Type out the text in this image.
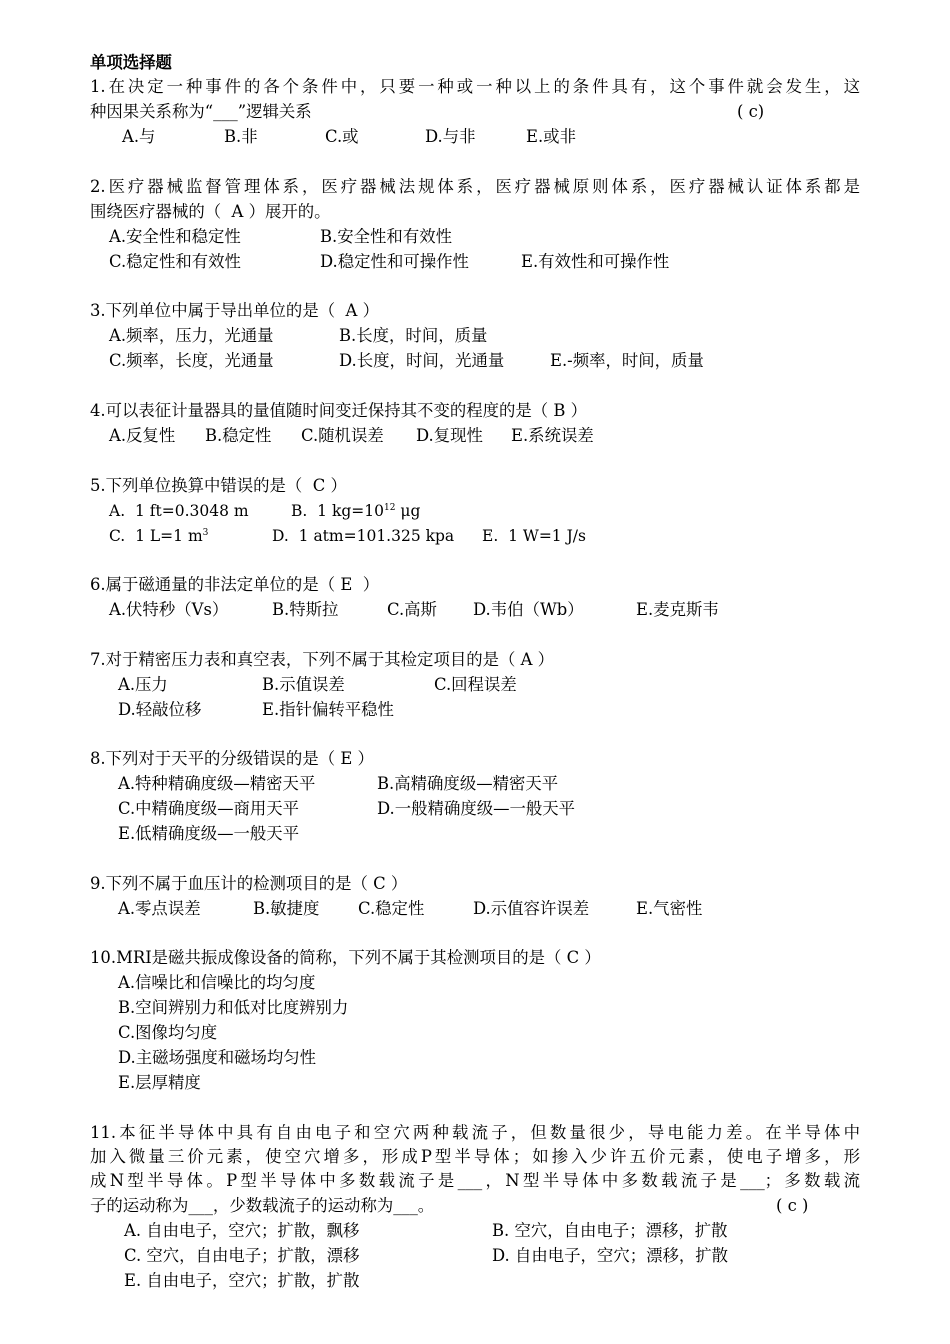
单项选择题
1.在决定一种事件的各个条件中，只要一种或一种以上的条件具有，这个事件就会发生，这
种因果关系称为“___”逻辑关系	( c)
A.与	B.非	C.或	D.与非	E.或非
2.医疗器械监督管理体系，医疗器械法规体系，医疗器械原则体系，医疗器械认证体系都是
围绕医疗器械的（  A ）展开的。
A.安全性和稳定性	B.安全性和有效性
C.稳定性和有效性	D.稳定性和可操作性	E.有效性和可操作性
3.下列单位中属于导出单位的是（  A ）
A.频率，压力，光通量	B.长度，时间，质量
C.频率，长度，光通量	D.长度，时间，光通量	E.-频率，时间，质量
4.可以表征计量器具的量值随时间变迁保持其不变的程度的是（ B ）
A.反复性 B.稳定性 C.随机误差 D.复现性 E.系统误差
5.下列单位换算中错误的是（  C ）
A.  1 ft=0.3048 m	B.  1 $kg=10^{12}$ μg
C.  1 L=1 $m^3$	D.  1 atm=101.325 kpa E.  1 W=1 J/s
6.属于磁通量的非法定单位的是（ E  ）
A.伏特秒（Vs）	B.特斯拉	C.高斯 D.韦伯（Wb）	E.麦克斯韦
7.对于精密压力表和真空表，下列不属于其检定项目的是（ A ）
A.压力	B.示值误差	C.回程误差
D.轻敲位移	E.指针偏转平稳性
8.下列对于天平的分级错误的是（ E ）
A.特种精确度级—精密天平	B.高精确度级—精密天平
C.中精确度级—商用天平	D.一般精确度级—一般天平
E.低精确度级—一般天平
9.下列不属于血压计的检测项目的是（ C ）
A.零点误差	B.敏捷度 C.稳定性	D.示值容许误差	E.气密性
10.MRI是磁共振成像设备的简称，下列不属于其检测项目的是（ C ）
A.信噪比和信噪比的均匀度
B.空间辨别力和低对比度辨别力
C.图像均匀度
D.主磁场强度和磁场均匀性
E.层厚精度
11.本征半导体中具有自由电子和空穴两种载流子，但数量很少，导电能力差。在半导体中
加入微量三价元素，使空穴增多，形成P型半导体；如掺入少许五价元素，使电子增多，形
成N型半导体。P型半导体中多数载流子是___，N型半导体中多数载流子是___；多数载流
子的运动称为___，少数载流子的运动称为___。	( c )
A. 自由电子，空穴；扩散，飘移	B. 空穴，自由电子；漂移，扩散
C. 空穴，自由电子；扩散，漂移	D. 自由电子，空穴；漂移，扩散
E. 自由电子，空穴；扩散，扩散
